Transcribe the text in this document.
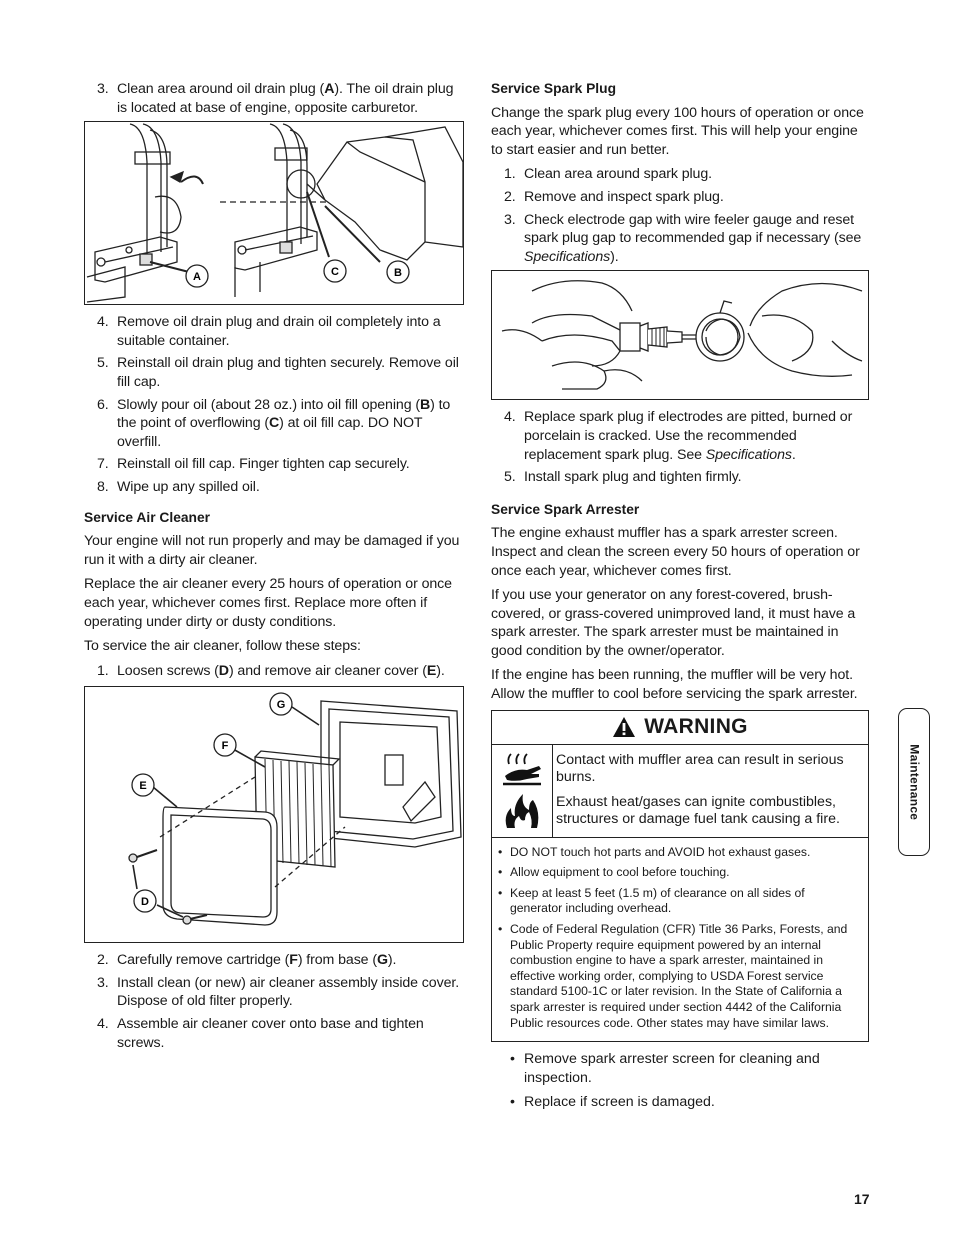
3. Clean area around oil drain plug (A). The oil drain plug is located at base of engine, opposite carburetor.
A	C	B
4. Remove oil drain plug and drain oil completely into a suitable container.
5. Reinstall oil drain plug and tighten securely. Remove oil fill cap.
6. Slowly pour oil (about 28 oz.) into oil fill opening (B) to the point of overflowing (C) at oil fill cap. DO NOT overfill.
7. Reinstall oil fill cap. Finger tighten cap securely.
8. Wipe up any spilled oil.
Service Air Cleaner

Your engine will not run properly and may be damaged if you run it with a dirty air cleaner.

Replace the air cleaner every 25 hours of operation or once each year, whichever comes first. Replace more often if operating under dirty or dusty conditions.

To service the air cleaner, follow these steps:

1. Loosen screws (D) and remove air cleaner cover (E).
G
F
E
D
2. Carefully remove cartridge (F) from base (G).
3. Install clean (or new) air cleaner assembly inside cover. Dispose of old filter properly.
4. Assemble air cleaner cover onto base and tighten screws.
Service Spark Plug

Change the spark plug every 100 hours of operation or once each year, whichever comes first. This will help your engine to start easier and run better.

1. Clean area around spark plug.
2. Remove and inspect spark plug.
3. Check electrode gap with wire feeler gauge and reset spark plug gap to recommended gap if necessary (see Specifications).
4. Replace spark plug if electrodes are pitted, burned or porcelain is cracked. Use the recommended replacement spark plug. See Specifications.
5. Install spark plug and tighten firmly.
Service Spark Arrester

The engine exhaust muffler has a spark arrester screen. Inspect and clean the screen every 50 hours of operation or once each year, whichever comes first.

If you use your generator on any forest-covered, brush-covered, or grass-covered unimproved land, it must have a spark arrester. The spark arrester must be maintained in good condition by the owner/operator.

If the engine has been running, the muffler will be very hot. Allow the muffler to cool before servicing the spark arrester.

WARNING

Contact with muffler area can result in serious burns.

Exhaust heat/gases can ignite combustibles, structures or damage fuel tank causing a fire.

• DO NOT touch hot parts and AVOID hot exhaust gases.
• Allow equipment to cool before touching.
• Keep at least 5 feet (1.5 m) of clearance on all sides of generator including overhead.
• Code of Federal Regulation (CFR) Title 36 Parks, Forests, and Public Property require equipment powered by an internal combustion engine to have a spark arrester, maintained in effective working order, complying to USDA Forest service standard 5100-1C or later revision. In the State of California a spark arrester is required under section 4442 of the California Public resources code. Other states may have similar laws.
• Remove spark arrester screen for cleaning and inspection.
• Replace if screen is damaged.
Maintenance
17
